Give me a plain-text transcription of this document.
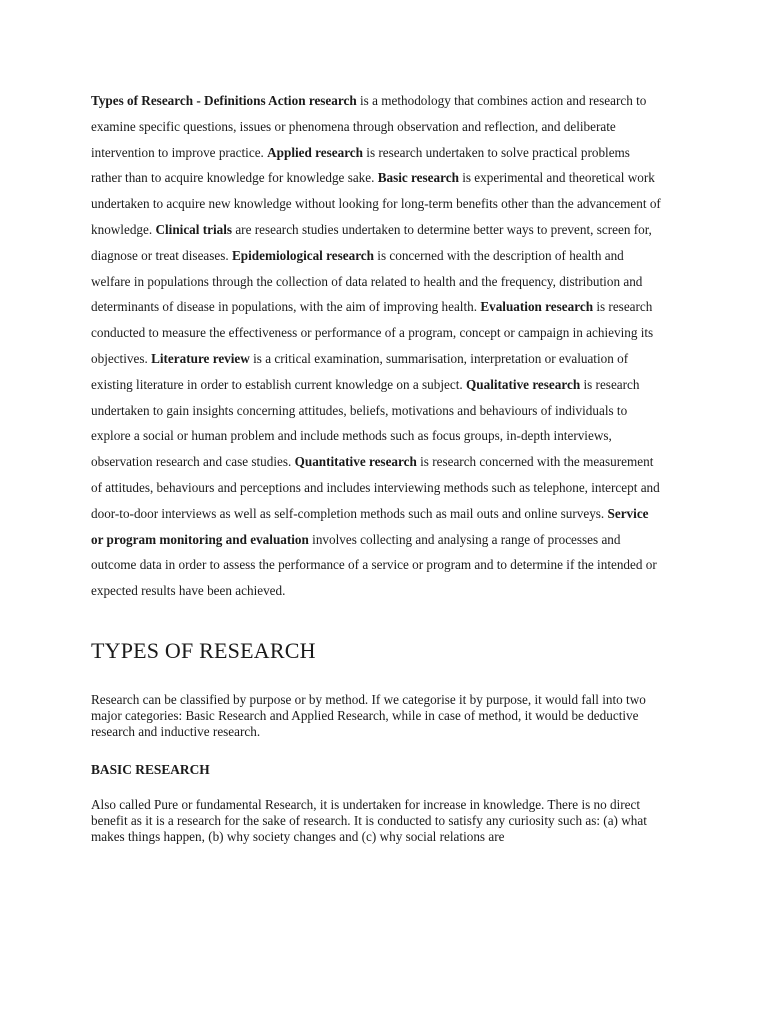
Types of Research - Definitions Action research is a methodology that combines action and research to examine specific questions, issues or phenomena through observation and reflection, and deliberate intervention to improve practice. Applied research is research undertaken to solve practical problems rather than to acquire knowledge for knowledge sake. Basic research is experimental and theoretical work undertaken to acquire new knowledge without looking for long-term benefits other than the advancement of knowledge. Clinical trials are research studies undertaken to determine better ways to prevent, screen for, diagnose or treat diseases. Epidemiological research is concerned with the description of health and welfare in populations through the collection of data related to health and the frequency, distribution and determinants of disease in populations, with the aim of improving health. Evaluation research is research conducted to measure the effectiveness or performance of a program, concept or campaign in achieving its objectives. Literature review is a critical examination, summarisation, interpretation or evaluation of existing literature in order to establish current knowledge on a subject. Qualitative research is research undertaken to gain insights concerning attitudes, beliefs, motivations and behaviours of individuals to explore a social or human problem and include methods such as focus groups, in-depth interviews, observation research and case studies. Quantitative research is research concerned with the measurement of attitudes, behaviours and perceptions and includes interviewing methods such as telephone, intercept and door-to-door interviews as well as self-completion methods such as mail outs and online surveys. Service or program monitoring and evaluation involves collecting and analysing a range of processes and outcome data in order to assess the performance of a service or program and to determine if the intended or expected results have been achieved.

TYPES OF RESEARCH

Research can be classified by purpose or by method. If we categorise it by purpose, it would fall into two major categories: Basic Research and Applied Research, while in case of method, it would be deductive research and inductive research.

BASIC RESEARCH

Also called Pure or fundamental Research, it is undertaken for increase in knowledge. There is no direct benefit as it is a research for the sake of research. It is conducted to satisfy any curiosity such as: (a) what makes things happen, (b) why society changes and (c) why social relations are
